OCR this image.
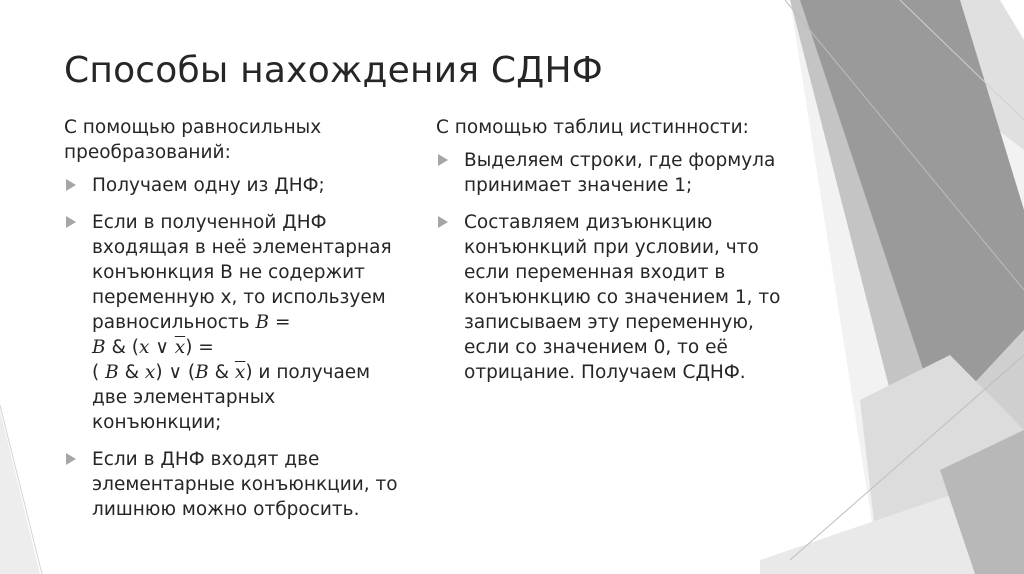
Способы нахождения СДНФ

С помощью равносильных
преобразований:

Получаем одну из ДНФ;
Если в полученной ДНФ
входящая в неё элементарная
конъюнкция B не содержит
переменную x, то используем
равносильность B =
B & (x ∨ $\overline{x}$) =
( B & x) ∨ (B & $\overline{x}$) и получаем
две элементарных
конъюнкции;
Если в ДНФ входят две
элементарные конъюнкции, то
лишнюю можно отбросить.

С помощью таблиц истинности:

Выделяем строки, где формула
принимает значение 1;
Составляем дизъюнкцию
конъюнкций при условии, что
если переменная входит в
конъюнкцию со значением 1, то
записываем эту переменную,
если со значением 0, то её
отрицание. Получаем СДНФ.
